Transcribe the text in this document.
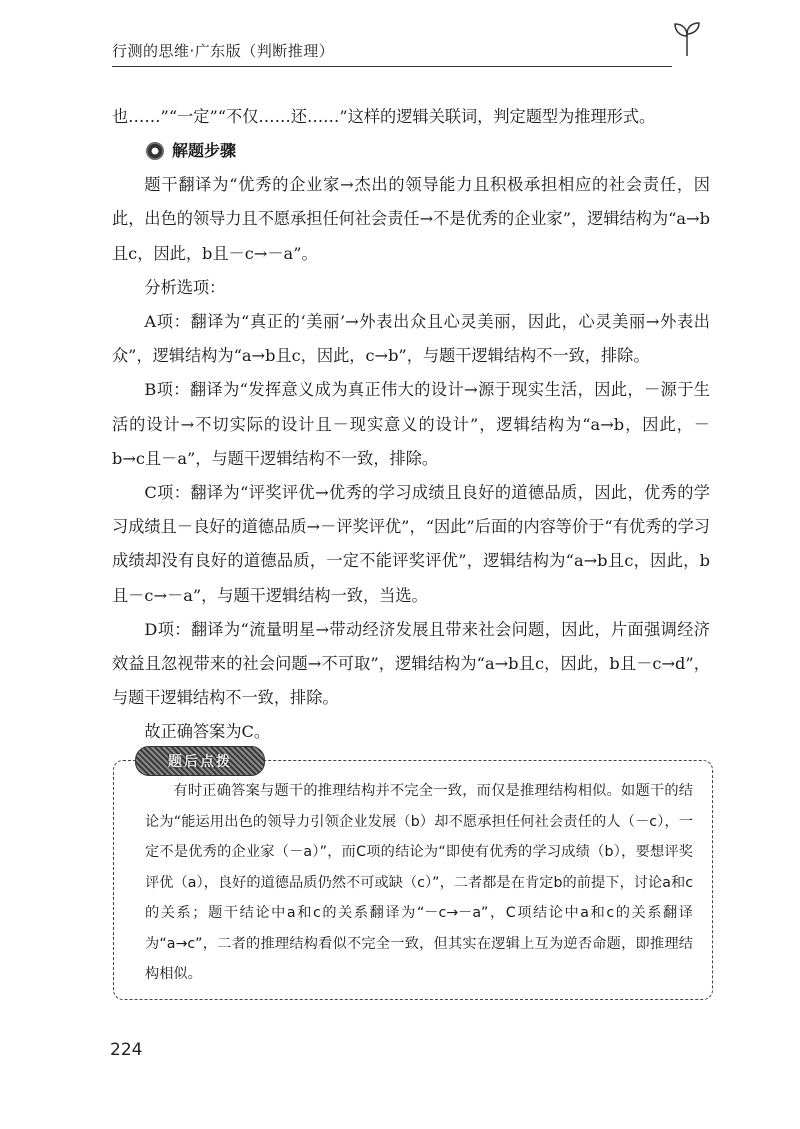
行测的思维·广东版（判断推理）

也……”“一定”“不仅……还……”这样的逻辑关联词，判定题型为推理形式。

解题步骤

题干翻译为“优秀的企业家→杰出的领导能力且积极承担相应的社会责任，因此，出色的领导力且不愿承担任何社会责任→不是优秀的企业家”，逻辑结构为“a→b且c，因此，b且－c→－a”。

分析选项：

A项：翻译为“真正的‘美丽’→外表出众且心灵美丽，因此，心灵美丽→外表出众”，逻辑结构为“a→b且c，因此，c→b”，与题干逻辑结构不一致，排除。

B项：翻译为“发挥意义成为真正伟大的设计→源于现实生活，因此，－源于生活的设计→不切实际的设计且－现实意义的设计”，逻辑结构为“a→b，因此，－b→c且－a”，与题干逻辑结构不一致，排除。

C项：翻译为“评奖评优→优秀的学习成绩且良好的道德品质，因此，优秀的学习成绩且－良好的道德品质→－评奖评优”，“因此”后面的内容等价于“有优秀的学习成绩却没有良好的道德品质，一定不能评奖评优”，逻辑结构为“a→b且c，因此，b且－c→－a”，与题干逻辑结构一致，当选。

D项：翻译为“流量明星→带动经济发展且带来社会问题，因此，片面强调经济效益且忽视带来的社会问题→不可取”，逻辑结构为“a→b且c，因此，b且－c→d”，与题干逻辑结构不一致，排除。

故正确答案为C。

题后点拨

有时正确答案与题干的推理结构并不完全一致，而仅是推理结构相似。如题干的结论为“能运用出色的领导力引领企业发展（b）却不愿承担任何社会责任的人（－c），一定不是优秀的企业家（－a）”，而C项的结论为“即使有优秀的学习成绩（b），要想评奖评优（a），良好的道德品质仍然不可或缺（c）”，二者都是在肯定b的前提下，讨论a和c的关系；题干结论中a和c的关系翻译为“－c→－a”，C项结论中a和c的关系翻译为“a→c”，二者的推理结构看似不完全一致，但其实在逻辑上互为逆否命题，即推理结构相似。

224
